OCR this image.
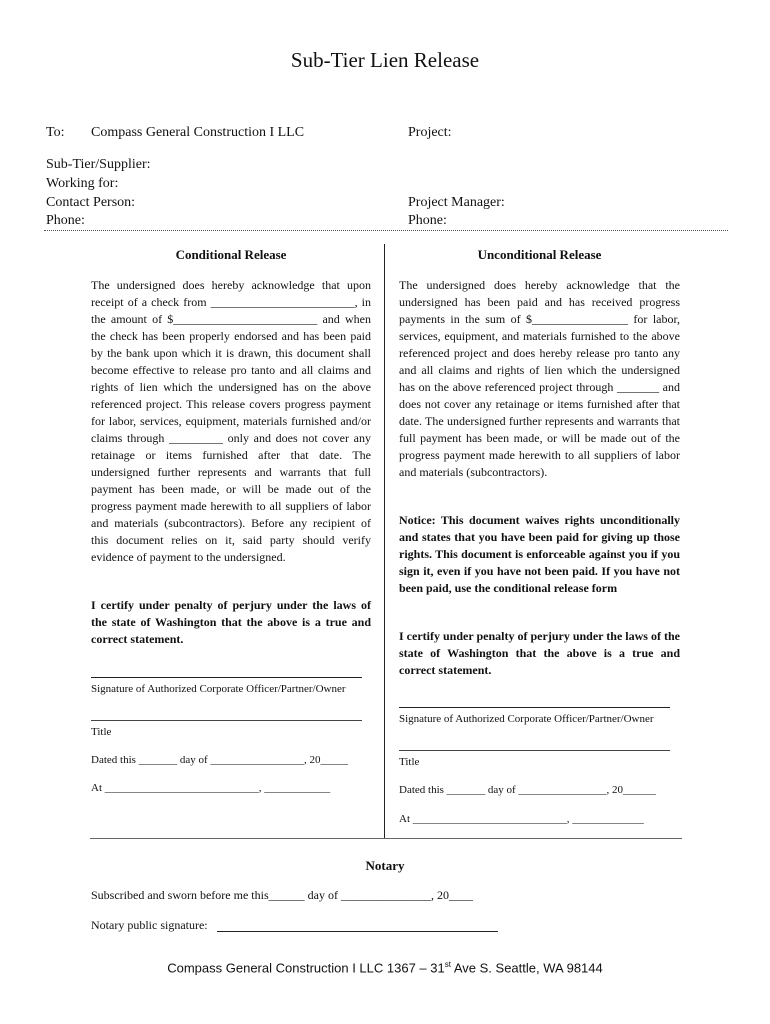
Sub-Tier Lien Release
To: Compass General Construction I LLC	Project:
Sub-Tier/Supplier:
Working for:
Contact Person:
Phone:
Project Manager:
Phone:
Conditional Release
The undersigned does hereby acknowledge that upon receipt of a check from ________________________, in the amount of $________________________ and when the check has been properly endorsed and has been paid by the bank upon which it is drawn, this document shall become effective to release pro tanto and all claims and rights of lien which the undersigned has on the above referenced project. This release covers progress payment for labor, services, equipment, materials furnished and/or claims through _________ only and does not cover any retainage or items furnished after that date. The undersigned further represents and warrants that full payment has been made, or will be made out of the progress payment made herewith to all suppliers of labor and materials (subcontractors). Before any recipient of this document relies on it, said party should verify evidence of payment to the undersigned.
I certify under penalty of perjury under the laws of the state of Washington that the above is a true and correct statement.
Signature of Authorized Corporate Officer/Partner/Owner
Title
Dated this _______ day of _________________, 20_____
At ____________________________, ____________
Unconditional Release
The undersigned does hereby acknowledge that the undersigned has been paid and has received progress payments in the sum of $________________ for labor, services, equipment, and materials furnished to the above referenced project and does hereby release pro tanto any and all claims and rights of lien which the undersigned has on the above referenced project through _______ and does not cover any retainage or items furnished after that date. The undersigned further represents and warrants that full payment has been made, or will be made out of the progress payment made herewith to all suppliers of labor and materials (subcontractors).
Notice: This document waives rights unconditionally and states that you have been paid for giving up those rights. This document is enforceable against you if you sign it, even if you have not been paid. If you have not been paid, use the conditional release form
I certify under penalty of perjury under the laws of the state of Washington that the above is a true and correct statement.
Signature of Authorized Corporate Officer/Partner/Owner
Title
Dated this _______ day of ________________, 20______
At ____________________________, _____________
Notary
Subscribed and sworn before me this______ day of _______________, 20____
Notary public signature:
Compass General Construction I LLC 1367 – 31st Ave S. Seattle, WA 98144
